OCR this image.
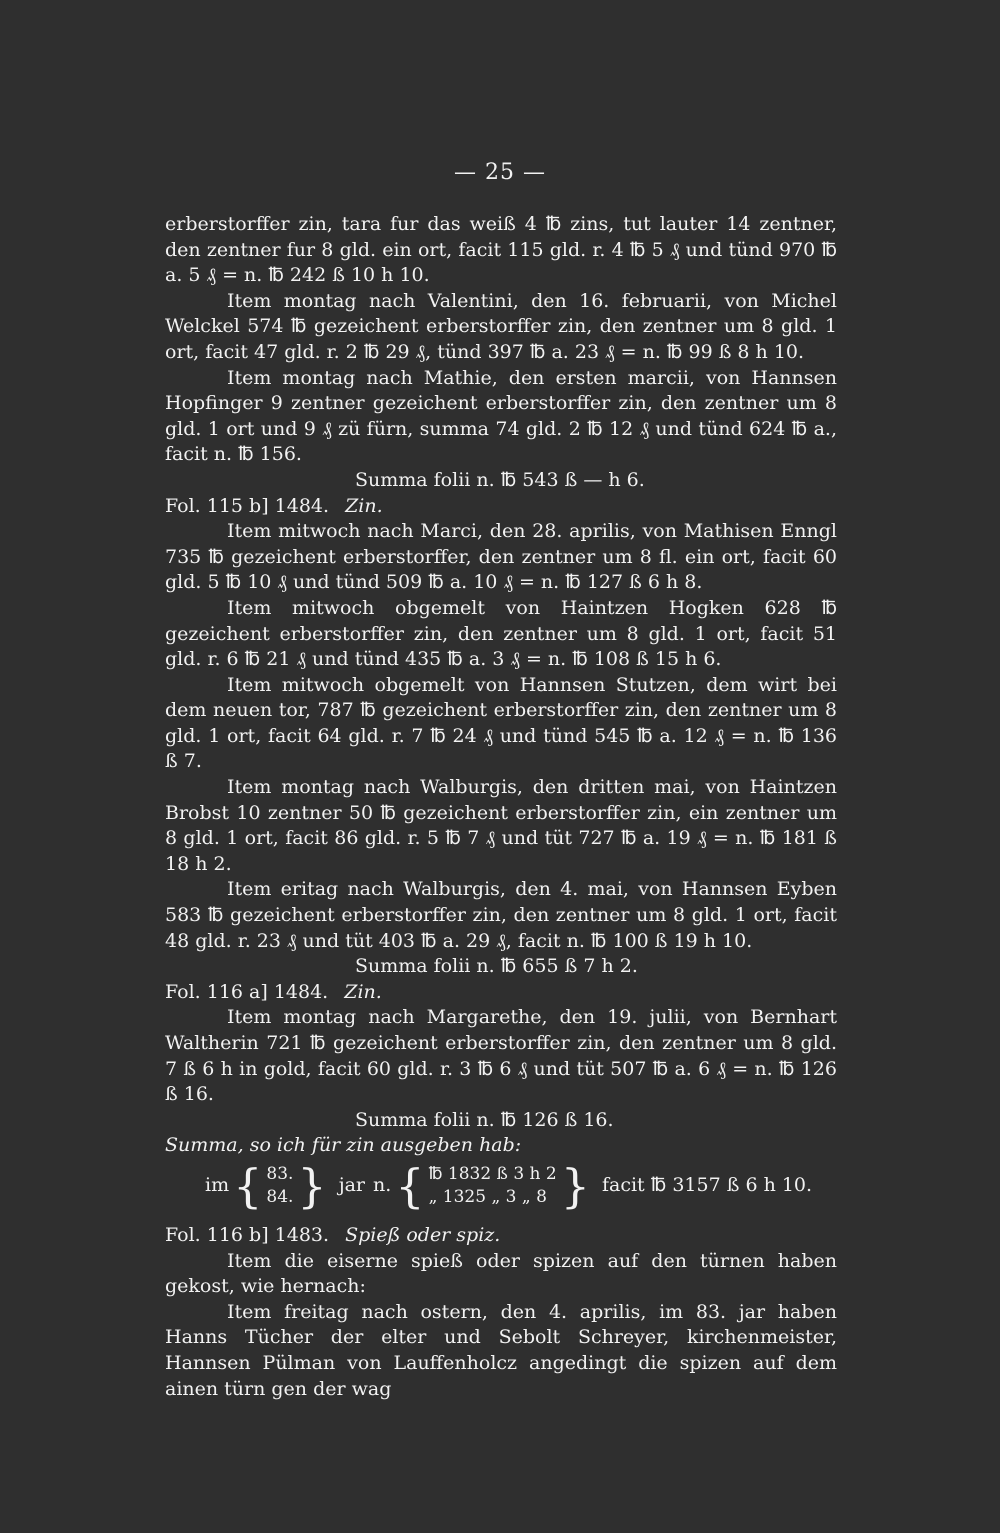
— 25 —

erberstorffer zin, tara fur das weiß 4 ℔ zins, tut lauter 14 zentner, den zentner fur 8 gld. ein ort, facit 115 gld. r. 4 ℔ 5 ₰ und tünd 970 ℔ a. 5 ₰ = n. ℔ 242 ß 10 h 10.

Item montag nach Valentini, den 16. februarii, von Michel Welckel 574 ℔ gezeichent erberstorffer zin, den zentner um 8 gld. 1 ort, facit 47 gld. r. 2 ℔ 29 ₰, tünd 397 ℔ a. 23 ₰ = n. ℔ 99 ß 8 h 10.

Item montag nach Mathie, den ersten marcii, von Hannsen Hopfinger 9 zentner gezeichent erberstorffer zin, den zentner um 8 gld. 1 ort und 9 ₰ zü fürn, summa 74 gld. 2 ℔ 12 ₰ und tünd 624 ℔ a., facit n. ℔ 156.

Summa folii n. ℔ 543 ß — h 6.

Fol. 115 b] 1484. Zin.

Item mitwoch nach Marci, den 28. aprilis, von Mathisen Enngl 735 ℔ gezeichent erberstorffer, den zentner um 8 fl. ein ort, facit 60 gld. 5 ℔ 10 ₰ und tünd 509 ℔ a. 10 ₰ = n. ℔ 127 ß 6 h 8.

Item mitwoch obgemelt von Haintzen Hogken 628 ℔ gezeichent erberstorffer zin, den zentner um 8 gld. 1 ort, facit 51 gld. r. 6 ℔ 21 ₰ und tünd 435 ℔ a. 3 ₰ = n. ℔ 108 ß 15 h 6.

Item mitwoch obgemelt von Hannsen Stutzen, dem wirt bei dem neuen tor, 787 ℔ gezeichent erberstorffer zin, den zentner um 8 gld. 1 ort, facit 64 gld. r. 7 ℔ 24 ₰ und tünd 545 ℔ a. 12 ₰ = n. ℔ 136 ß 7.

Item montag nach Walburgis, den dritten mai, von Haintzen Brobst 10 zentner 50 ℔ gezeichent erberstorffer zin, ein zentner um 8 gld. 1 ort, facit 86 gld. r. 5 ℔ 7 ₰ und tüt 727 ℔ a. 19 ₰ = n. ℔ 181 ß 18 h 2.

Item eritag nach Walburgis, den 4. mai, von Hannsen Eyben 583 ℔ gezeichent erberstorffer zin, den zentner um 8 gld. 1 ort, facit 48 gld. r. 23 ₰ und tüt 403 ℔ a. 29 ₰, facit n. ℔ 100 ß 19 h 10.

Summa folii n. ℔ 655 ß 7 h 2.

Fol. 116 a] 1484. Zin.

Item montag nach Margarethe, den 19. julii, von Bernhart Waltherin 721 ℔ gezeichent erberstorffer zin, den zentner um 8 gld. 7 ß 6 h in gold, facit 60 gld. r. 3 ℔ 6 ₰ und tüt 507 ℔ a. 6 ₰ = n. ℔ 126 ß 16.

Summa folii n. ℔ 126 ß 16.

Summa, so ich für zin ausgeben hab:

im { 83.
84. } jar n. { ℔ 1832 ß 3 h 2
„ 1325 „ 3 „ 8 } facit ℔ 3157 ß 6 h 10.

Fol. 116 b] 1483. Spieß oder spiz.

Item die eiserne spieß oder spizen auf den türnen haben gekost, wie hernach:

Item freitag nach ostern, den 4. aprilis, im 83. jar haben Hanns Tücher der elter und Sebolt Schreyer, kirchenmeister, Hannsen Pülman von Lauffenholcz angedingt die spizen auf dem ainen türn gen der wag
